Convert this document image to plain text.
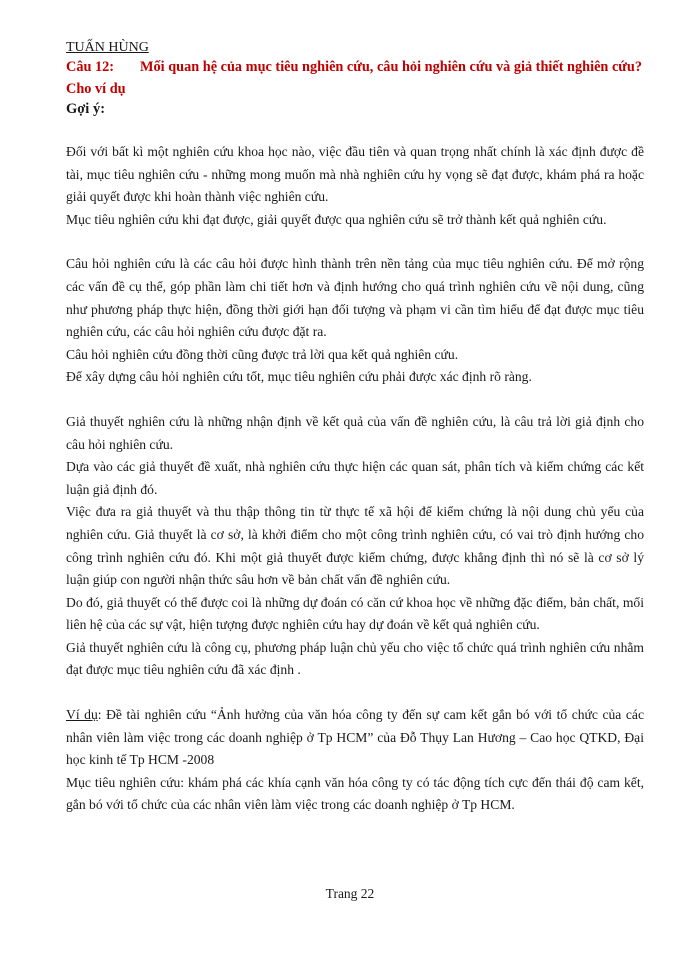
TUẤN HÙNG
Câu 12: Mối quan hệ của mục tiêu nghiên cứu, câu hỏi nghiên cứu và giả thiết nghiên cứu? Cho ví dụ
Gợi ý:

Đối với bất kì một nghiên cứu khoa học nào, việc đầu tiên và quan trọng nhất chính là xác định được đề tài, mục tiêu nghiên cứu - những mong muốn mà nhà nghiên cứu hy vọng sẽ đạt được, khám phá ra hoặc giải quyết được khi hoàn thành việc nghiên cứu.

Mục tiêu nghiên cứu khi đạt được, giải quyết được qua nghiên cứu sẽ trở thành kết quả nghiên cứu.

Câu hỏi nghiên cứu là các câu hỏi được hình thành trên nền tảng của mục tiêu nghiên cứu. Để mở rộng các vấn đề cụ thể, góp phần làm chi tiết hơn và định hướng cho quá trình nghiên cứu về nội dung, cũng như phương pháp thực hiện, đồng thời giới hạn đối tượng và phạm vi cần tìm hiểu để đạt được mục tiêu nghiên cứu, các câu hỏi nghiên cứu được đặt ra.

Câu hỏi nghiên cứu đồng thời cũng được trả lời qua kết quả nghiên cứu.

Để xây dựng câu hỏi nghiên cứu tốt, mục tiêu nghiên cứu phải được xác định rõ ràng.

Giả thuyết nghiên cứu là những nhận định về kết quả của vấn đề nghiên cứu, là câu trả lời giả định cho câu hỏi nghiên cứu.

Dựa vào các giả thuyết đề xuất, nhà nghiên cứu thực hiện các quan sát, phân tích và kiểm chứng các kết luận giả định đó.

Việc đưa ra giả thuyết và thu thập thông tin từ thực tế xã hội để kiểm chứng là nội dung chủ yếu của nghiên cứu. Giả thuyết là cơ sở, là khởi điểm cho một công trình nghiên cứu, có vai trò định hướng cho công trình nghiên cứu đó. Khi một giả thuyết được kiểm chứng, được khẳng định thì nó sẽ là cơ sở lý luận giúp con người nhận thức sâu hơn về bản chất vấn đề nghiên cứu.

Do đó, giả thuyết có thể được coi là những dự đoán có căn cứ khoa học về những đặc điểm, bản chất, mối liên hệ của các sự vật, hiện tượng được nghiên cứu hay dự đoán về kết quả nghiên cứu.

Giả thuyết nghiên cứu là công cụ, phương pháp luận chủ yếu cho việc tổ chức quá trình nghiên cứu nhằm đạt được mục tiêu nghiên cứu đã xác định .

Ví dụ: Đề tài nghiên cứu “Ảnh hưởng của văn hóa công ty đến sự cam kết gắn bó với tổ chức của các nhân viên làm việc trong các doanh nghiệp ở Tp HCM” của Đỗ Thụy Lan Hương – Cao học QTKD, Đại học kinh tế Tp HCM -2008

Mục tiêu nghiên cứu: khám phá các khía cạnh văn hóa công ty có tác động tích cực đến thái độ cam kết, gắn bó với tổ chức của các nhân viên làm việc trong các doanh nghiệp ở Tp HCM.

Trang 22
